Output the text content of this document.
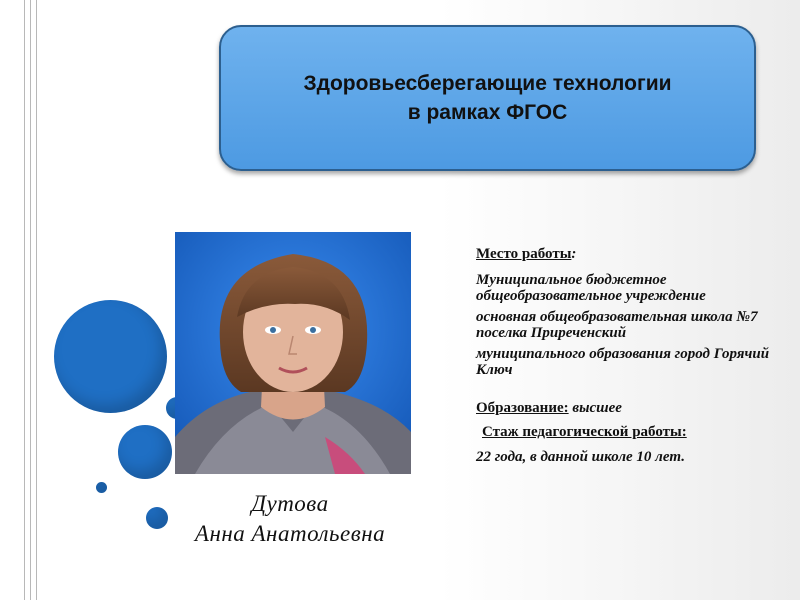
Здоровьесберегающие технологии
в рамках ФГОС
Дутова
Анна Анатольевна

Место работы:

Муниципальное бюджетное общеобразовательное учреждение

основная общеобразовательная школа №7 поселка Приреченский

муниципального образования город Горячий Ключ

Образование: высшее

Стаж педагогической работы:

22 года, в данной школе 10 лет.
